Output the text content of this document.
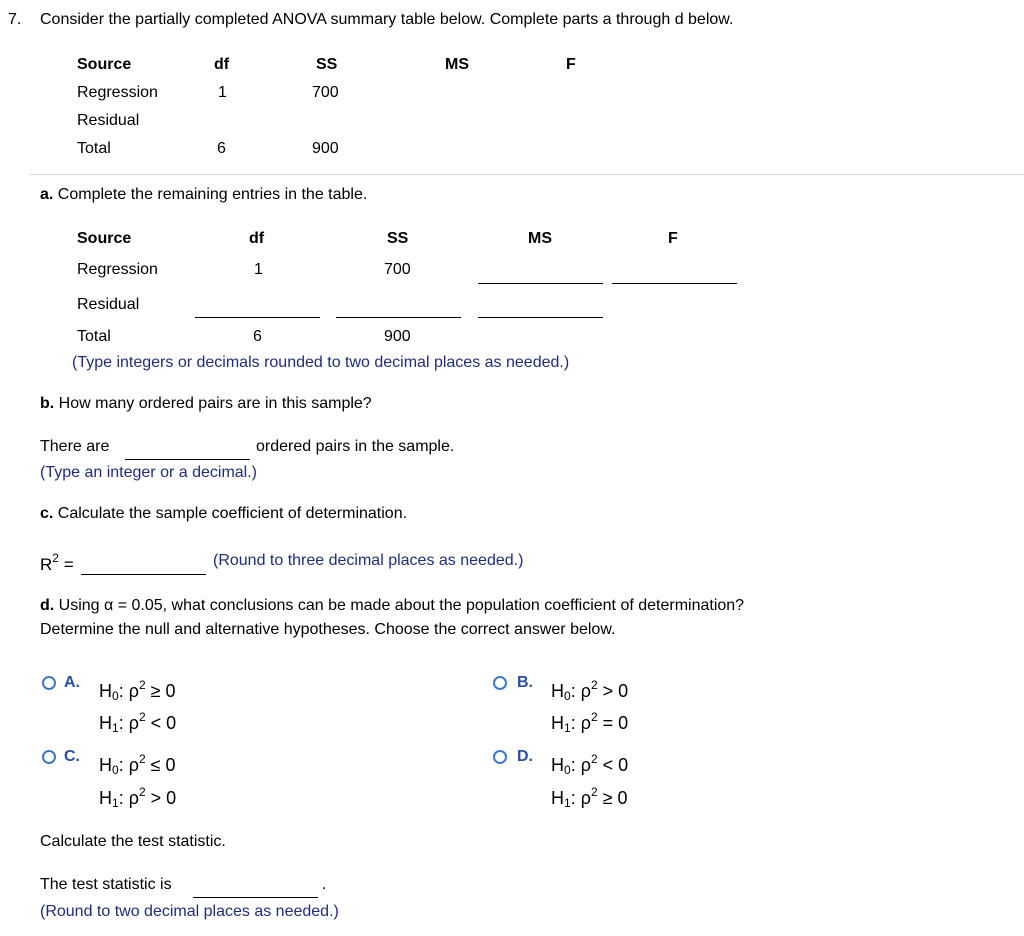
7. Consider the partially completed ANOVA summary table below. Complete parts a through d below.
Source	df	SS	MS	F
Regression	1	700
Residual
Total	6	900
a. Complete the remaining entries in the table.
Source	df	SS	MS	F
Regression	1	700
Residual
Total	6	900
(Type integers or decimals rounded to two decimal places as needed.)
b. How many ordered pairs are in this sample?
There are	ordered pairs in the sample.
(Type an integer or a decimal.)
c. Calculate the sample coefficient of determination.
$R^2$ =	(Round to three decimal places as needed.)
d. Using α = 0.05, what conclusions can be made about the population coefficient of determination?
Determine the null and alternative hypotheses. Choose the correct answer below.
A. $H_0$: $\rho^2 \ge 0$
$H_1$: $\rho^2 < 0$
B. $H_0$: $\rho^2 > 0$
$H_1$: $\rho^2 = 0$
C. $H_0$: $\rho^2 \le 0$
$H_1$: $\rho^2 > 0$
D. $H_0$: $\rho^2 < 0$
$H_1$: $\rho^2 \ge 0$
Calculate the test statistic.
The test statistic is	.
(Round to two decimal places as needed.)
